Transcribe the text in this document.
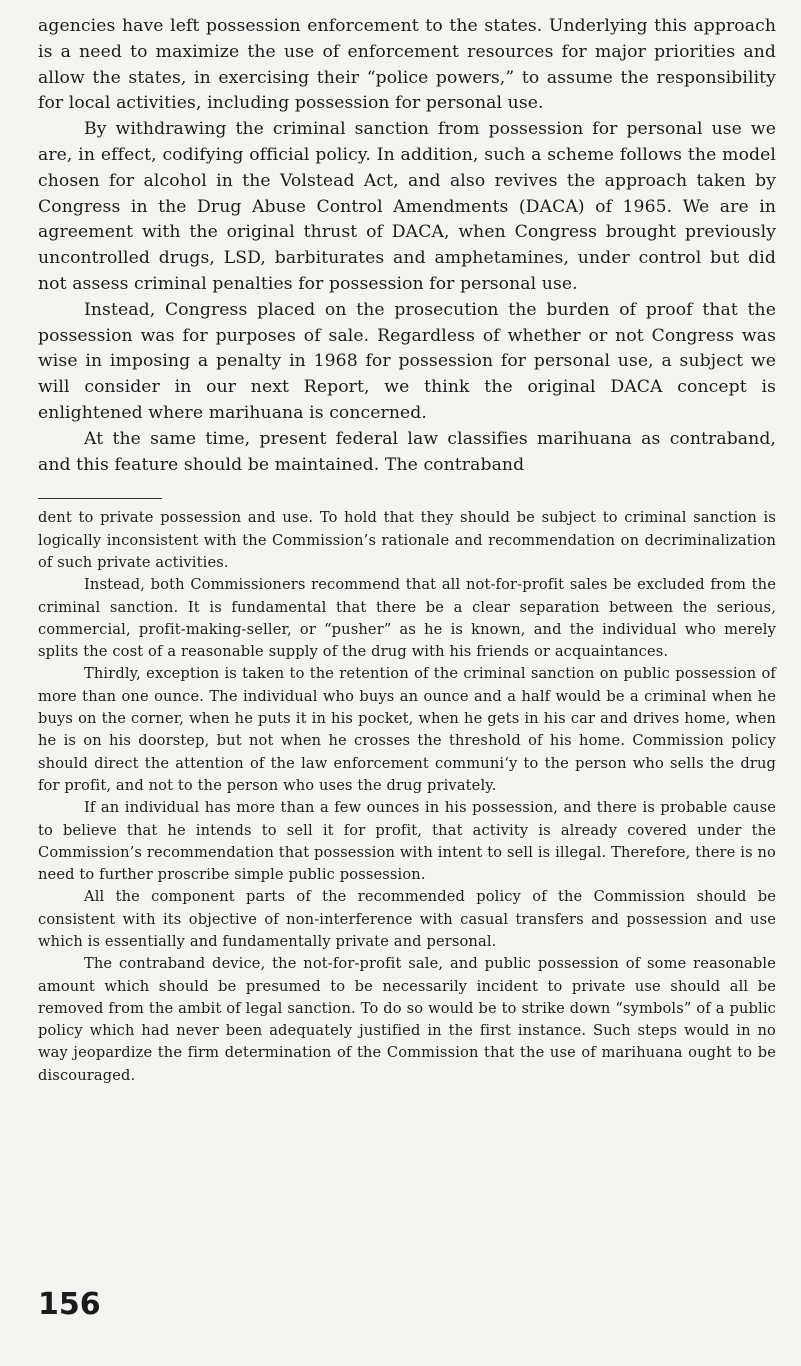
agencies have left possession enforcement to the states. Underlying this approach is a need to maximize the use of enforcement resources for major priorities and allow the states, in exercising their “police powers,” to assume the responsibility for local activities, including possession for personal use.

By withdrawing the criminal sanction from possession for personal use we are, in effect, codifying official policy. In addition, such a scheme follows the model chosen for alcohol in the Volstead Act, and also revives the approach taken by Congress in the Drug Abuse Control Amendments (DACA) of 1965. We are in agreement with the original thrust of DACA, when Congress brought previously uncontrolled drugs, LSD, barbiturates and amphetamines, under control but did not assess criminal penalties for possession for personal use.

Instead, Congress placed on the prosecution the burden of proof that the possession was for purposes of sale. Regardless of whether or not Congress was wise in imposing a penalty in 1968 for possession for personal use, a subject we will consider in our next Report, we think the original DACA concept is enlightened where marihuana is concerned.

At the same time, present federal law classifies marihuana as contraband, and this feature should be maintained. The contraband

dent to private possession and use. To hold that they should be subject to criminal sanction is logically inconsistent with the Commission’s rationale and recommendation on decriminalization of such private activities.

Instead, both Commissioners recommend that all not-for-profit sales be excluded from the criminal sanction. It is fundamental that there be a clear separation between the serious, commercial, profit-making-seller, or “pusher” as he is known, and the individual who merely splits the cost of a reasonable supply of the drug with his friends or acquaintances.

Thirdly, exception is taken to the retention of the criminal sanction on public possession of more than one ounce. The individual who buys an ounce and a half would be a criminal when he buys on the corner, when he puts it in his pocket, when he gets in his car and drives home, when he is on his doorstep, but not when he crosses the threshold of his home. Commission policy should direct the attention of the law enforcement communi‘y to the person who sells the drug for profit, and not to the person who uses the drug privately.

If an individual has more than a few ounces in his possession, and there is probable cause to believe that he intends to sell it for profit, that activity is already covered under the Commission’s recommendation that possession with intent to sell is illegal. Therefore, there is no need to further proscribe simple public possession.

All the component parts of the recommended policy of the Commission should be consistent with its objective of non-interference with casual transfers and possession and use which is essentially and fundamentally private and personal.

The contraband device, the not-for-profit sale, and public possession of some reasonable amount which should be presumed to be necessarily incident to private use should all be removed from the ambit of legal sanction. To do so would be to strike down “symbols” of a public policy which had never been adequately justified in the first instance. Such steps would in no way jeopardize the firm determination of the Commission that the use of marihuana ought to be discouraged.

156
